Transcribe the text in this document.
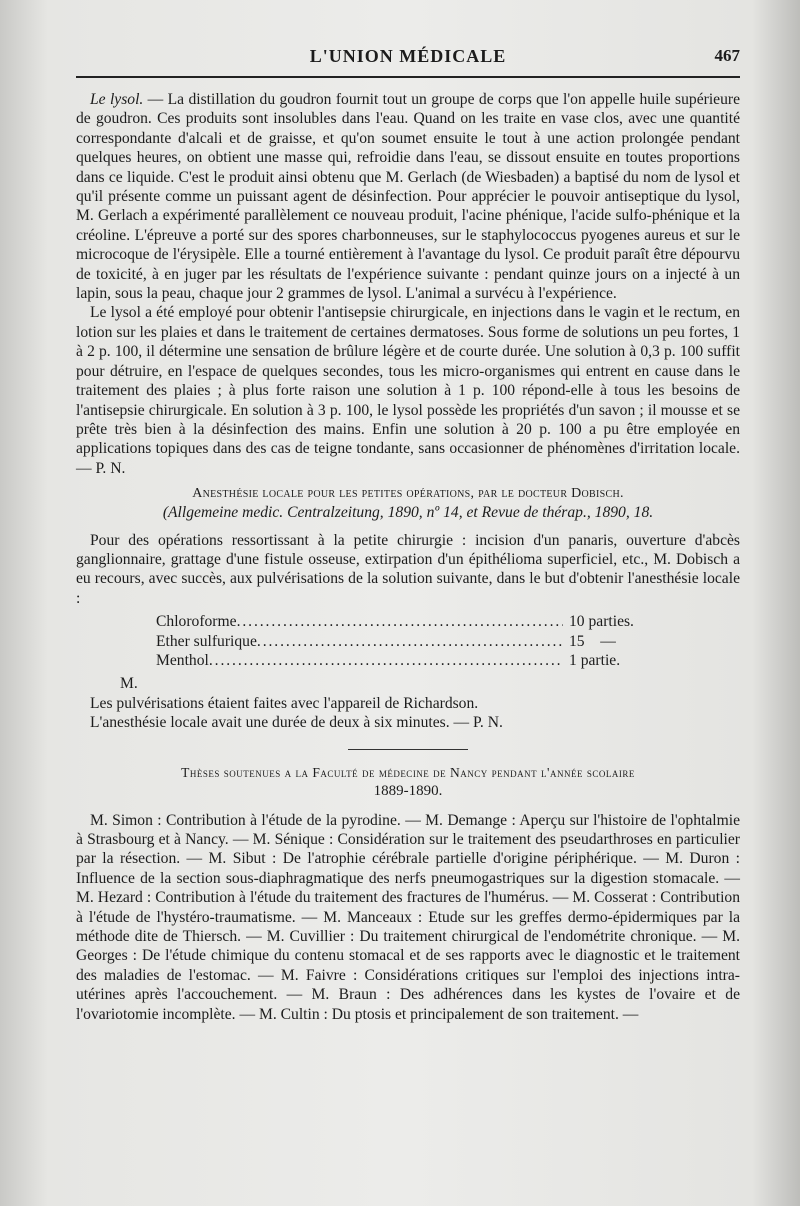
L'UNION MÉDICALE	467

Le lysol. — La distillation du goudron fournit tout un groupe de corps que l'on appelle huile supérieure de goudron. Ces produits sont insolubles dans l'eau. Quand on les traite en vase clos, avec une quantité correspondante d'alcali et de graisse, et qu'on soumet ensuite le tout à une action prolongée pendant quelques heures, on obtient une masse qui, refroidie dans l'eau, se dissout ensuite en toutes proportions dans ce liquide. C'est le produit ainsi obtenu que M. Gerlach (de Wiesbaden) a baptisé du nom de lysol et qu'il présente comme un puissant agent de désinfection. Pour apprécier le pouvoir antiseptique du lysol, M. Gerlach a expérimenté parallèlement ce nouveau produit, l'acine phénique, l'acide sulfo-phénique et la créoline. L'épreuve a porté sur des spores charbonneuses, sur le staphylococcus pyogenes aureus et sur le microcoque de l'érysipèle. Elle a tourné entièrement à l'avantage du lysol. Ce produit paraît être dépourvu de toxicité, à en juger par les résultats de l'expérience suivante : pendant quinze jours on a injecté à un lapin, sous la peau, chaque jour 2 grammes de lysol. L'animal a survécu à l'expérience.

Le lysol a été employé pour obtenir l'antisepsie chirurgicale, en injections dans le vagin et le rectum, en lotion sur les plaies et dans le traitement de certaines dermatoses. Sous forme de solutions un peu fortes, 1 à 2 p. 100, il détermine une sensation de brûlure légère et de courte durée. Une solution à 0,3 p. 100 suffit pour détruire, en l'espace de quelques secondes, tous les micro-organismes qui entrent en cause dans le traitement des plaies ; à plus forte raison une solution à 1 p. 100 répond-elle à tous les besoins de l'antisepsie chirurgicale. En solution à 3 p. 100, le lysol possède les propriétés d'un savon ; il mousse et se prête très bien à la désinfection des mains. Enfin une solution à 20 p. 100 a pu être employée en applications topiques dans des cas de teigne tondante, sans occasionner de phénomènes d'irritation locale. — P. N.

Anesthésie locale pour les petites opérations, par le docteur Dobisch.
(Allgemeine medic. Centralzeitung, 1890, nº 14, et Revue de thérap., 1890, 18.

Pour des opérations ressortissant à la petite chirurgie : incision d'un panaris, ouverture d'abcès ganglionnaire, grattage d'une fistule osseuse, extirpation d'un épithélioma superficiel, etc., M. Dobisch a eu recours, avec succès, aux pulvérisations de la solution suivante, dans le but d'obtenir l'anesthésie locale :

Chloroforme . . .	10 parties.
Ether sulfurique . . .	15    —
Menthol . . .	1 partie.
M.
Les pulvérisations étaient faites avec l'appareil de Richardson.
L'anesthésie locale avait une durée de deux à six minutes. — P. N.
Thèses soutenues a la Faculté de médecine de Nancy pendant l'année scolaire
1889-1890.

M. Simon : Contribution à l'étude de la pyrodine. — M. Demange : Aperçu sur l'histoire de l'ophtalmie à Strasbourg et à Nancy. — M. Sénique : Considération sur le traitement des pseudarthroses en particulier par la résection. — M. Sibut : De l'atrophie cérébrale partielle d'origine périphérique. — M. Duron : Influence de la section sous-diaphragmatique des nerfs pneumogastriques sur la digestion stomacale. — M. Hezard : Contribution à l'étude du traitement des fractures de l'humérus. — M. Cosserat : Contribution à l'étude de l'hystéro-traumatisme. — M. Manceaux : Etude sur les greffes dermo-épidermiques par la méthode dite de Thiersch. — M. Cuvillier : Du traitement chirurgical de l'endométrite chronique. — M. Georges : De l'étude chimique du contenu stomacal et de ses rapports avec le diagnostic et le traitement des maladies de l'estomac. — M. Faivre : Considérations critiques sur l'emploi des injections intra-utérines après l'accouchement. — M. Braun : Des adhérences dans les kystes de l'ovaire et de l'ovariotomie incomplète. — M. Cultin : Du ptosis et principalement de son traitement. —
